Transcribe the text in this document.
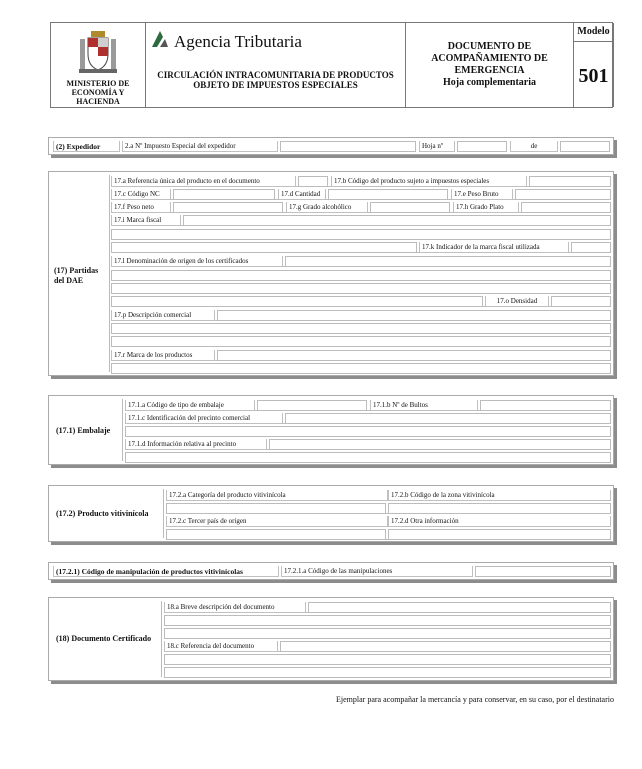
MINISTERIO DE ECONOMÍA Y HACIENDA
Agencia Tributaria
CIRCULACIÓN INTRACOMUNITARIA DE PRODUCTOS OBJETO DE IMPUESTOS ESPECIALES
DOCUMENTO DE ACOMPAÑAMIENTO DE EMERGENCIA
Hoja complementaria
Modelo
501
(2) Expedidor	2.a Nº Impuesto Especial del expedidor	Hoja nº	de
(17) Partidas del DAE
17.a Referencia única del producto en el documento	17.b Código del producto sujeto a impuestos especiales
17.c Código NC	17.d Cantidad	17.e Peso Bruto
17.f Peso neto	17.g Grado alcohólico	17.h Grado Plato
17.i Marca fiscal
17.k Indicador de la marca fiscal utilizada
17.l Denominación de origen de los certificados
17.o Densidad
17.p Descripción comercial
17.r Marca de los productos
(17.1) Embalaje
17.1.a Código de tipo de embalaje	17.1.b Nº de Bultos
17.1.c Identificación del precinto comercial
17.1.d Información relativa al precinto
(17.2) Producto vitivinícola
17.2.a Categoría del producto vitivinícola	17.2.b Código de la zona vitivinícola
17.2.c Tercer país de origen	17.2.d Otra información
(17.2.1) Código de manipulación de productos vitivinícolas	17.2.1.a Código de las manipulaciones
(18) Documento Certificado
18.a Breve descripción del documento
18.c Referencia del documento
Ejemplar para acompañar la mercancía y para conservar, en su caso, por el destinatario
